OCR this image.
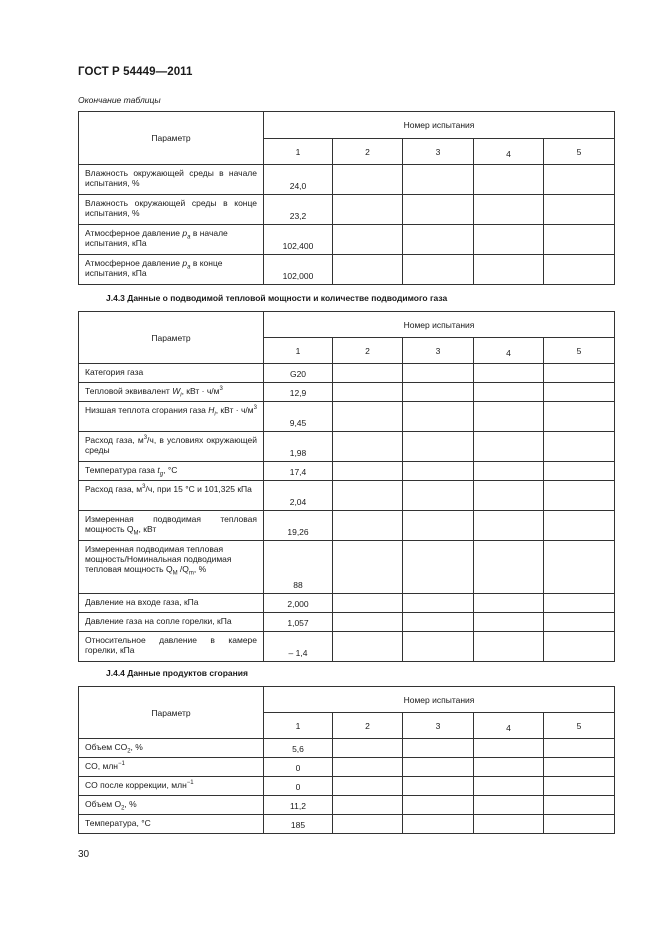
ГОСТ Р 54449—2011
Окончание таблицы
Параметр	Номер испытания				
	1	2	3	4	5
Влажность окружающей среды в начале испытания, %	24,0				
Влажность окружающей среды в конце испытания, %	23,2				
Атмосферное давление $p_a$ в начале испытания, кПа	102,400				
Атмосферное давление $p_a$ в конце испытания, кПа	102,000				
J.4.3 Данные о подводимой тепловой мощности и количестве подводимого газа
Параметр	Номер испытания				
	1	2	3	4	5
Категория газа	G20				
Тепловой эквивалент $W_i$, кВт · $ч/м^3$	12,9				
Низшая теплота сгорания газа $H_i$, кВт · $ч/м^3$	9,45				
Расход газа, $м^3/ч$, в условиях окружающей среды	1,98				
Температура газа $t_g$, °C	17,4				
Расход газа, $м^3/ч$, при 15 °C и 101,325 кПа	2,04				
Измеренная подводимая тепловая мощность $Q_M$, кВт	19,26				
Измеренная подводимая тепловая мощность/Номинальная подводимая тепловая мощность $Q_M$ $/Q_m$, %	88				
Давление на входе газа, кПа	2,000				
Давление газа на сопле горелки, кПа	1,057				
Относительное давление в камере горелки, кПа	– 1,4				
J.4.4 Данные продуктов сгорания
Параметр	Номер испытания				
	1	2	3	4	5
Объем $CO_2$, %	5,6				
CO, млн$^{-1}$	0				
CO после коррекции, млн$^{-1}$	0				
Объем $O_2$, %	11,2				
Температура, °C	185				
30
